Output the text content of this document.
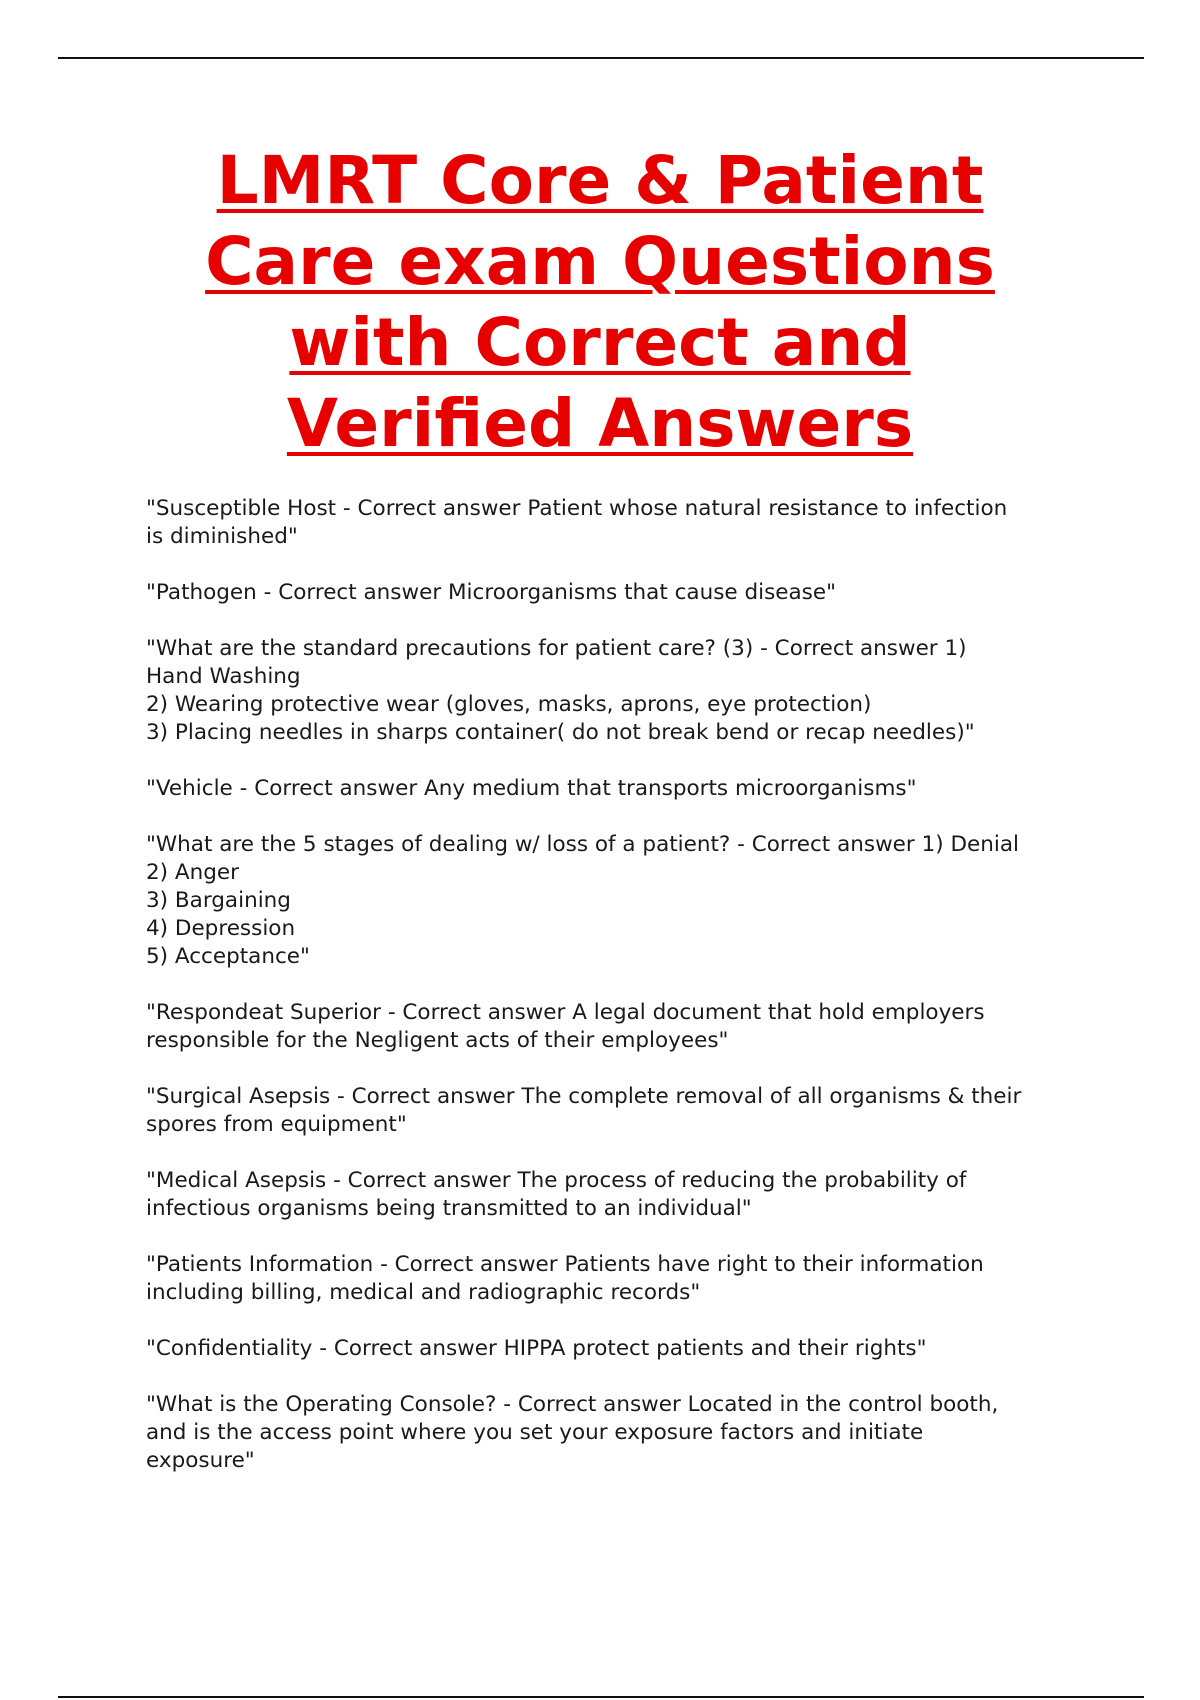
LMRT Core & Patient
Care exam Questions
with Correct and
Verified Answers
"Susceptible Host - Correct answer Patient whose natural resistance to infection
is diminished"
"Pathogen - Correct answer Microorganisms that cause disease"
"What are the standard precautions for patient care? (3) - Correct answer 1)
Hand Washing
2) Wearing protective wear (gloves, masks, aprons, eye protection)
3) Placing needles in sharps container( do not break bend or recap needles)"
"Vehicle - Correct answer Any medium that transports microorganisms"
"What are the 5 stages of dealing w/ loss of a patient? - Correct answer 1) Denial
2) Anger
3) Bargaining
4) Depression
5) Acceptance"
"Respondeat Superior - Correct answer A legal document that hold employers
responsible for the Negligent acts of their employees"
"Surgical Asepsis - Correct answer The complete removal of all organisms & their
spores from equipment"
"Medical Asepsis - Correct answer The process of reducing the probability of
infectious organisms being transmitted to an individual"
"Patients Information - Correct answer Patients have right to their information
including billing, medical and radiographic records"
"Confidentiality - Correct answer HIPPA protect patients and their rights"
"What is the Operating Console? - Correct answer Located in the control booth,
and is the access point where you set your exposure factors and initiate
exposure"
